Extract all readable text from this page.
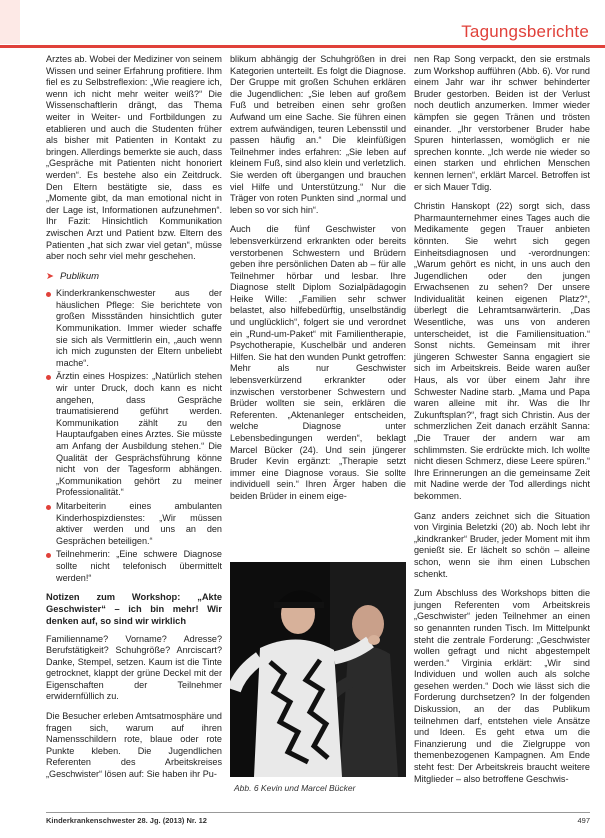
Tagungsberichte

Arztes ab. Wobei der Mediziner von seinem Wissen und seiner Erfahrung profitiere. Ihm fiel es zu Selbstreflexion: „Wie reagiere ich, wenn ich nicht mehr weiter weiß?“ Die Wissenschaftlerin drängt, das Thema weiter in Weiter- und Fortbildungen zu etablieren und auch die Studenten früher als bisher mit Patienten in Kontakt zu bringen. Allerdings bemerkte sie auch, dass „Gespräche mit Patienten nicht honoriert werden“. Es bestehe also ein Zeitdruck. Den Eltern bestätigte sie, dass es „Momente gibt, da man emotional nicht in der Lage ist, Informationen aufzunehmen“. Ihr Fazit: Hinsichtlich Kommunikation zwischen Arzt und Patient bzw. Eltern des Patienten „hat sich zwar viel getan“, müsse aber noch sehr viel mehr geschehen.

➤ Publikum
Kinderkrankenschwester aus der häuslichen Pflege: Sie berichtete von großen Missständen hinsichtlich guter Kommunikation. Immer wieder schaffe sie sich als Vermittlerin ein, „auch wenn ich mich zugunsten der Eltern unbeliebt mache“.
Ärztin eines Hospizes: „Natürlich stehen wir unter Druck, doch kann es nicht angehen, dass Gespräche traumatisierend geführt werden. Kommunikation zählt zu den Hauptaufgaben eines Arztes. Sie müsste am Anfang der Ausbildung stehen.“ Die Qualität der Gesprächsführung könne nicht von der Tagesform abhängen. „Kommunikation gehört zu meiner Professionalität.“
Mitarbeiterin eines ambulanten Kinderhospizdienstes: „Wir müssen aktiver werden und uns an den Gesprächen beteiligen.“
Teilnehmerin: „Eine schwere Diagnose sollte nicht telefonisch übermittelt werden!“
Notizen zum Workshop: „Akte Geschwister“ – ich bin mehr! Wir denken auf, so sind wir wirklich

Familienname? Vorname? Adresse? Berufstätigkeit? Schuhgröße? Anrciscart? Danke, Stempel, setzen. Kaum ist die Tinte getrocknet, klappt der grüne Deckel mit der Eigenschaften der Teilnehmer erwidernfüllich zu.

Die Besucher erleben Amtsatmosphäre und fragen sich, warum auf ihren Namensschildern rote, blaue oder rote Punkte kleben. Die Jugendlichen Referenten des Arbeitskreises „Geschwister“ lösen auf: Sie haben ihr Pu-

blikum abhängig der Schuhgrößen in drei Kategorien unterteilt. Es folgt die Diagnose. Der Gruppe mit großen Schuhen erklären die Jugendlichen: „Sie leben auf großem Fuß und betreiben einen sehr großen Aufwand um eine Sache. Sie führen einen extrem aufwändigen, teuren Lebensstil und passen häufig an.“ Die kleinfüßigen Teilnehmer indes erfahren: „Sie leben auf kleinem Fuß, sind also klein und verletzlich. Sie werden oft übergangen und brauchen viel Hilfe und Unterstützung.“ Nur die Träger von roten Punkten sind „normal und leben so vor sich hin“.

Auch die fünf Geschwister von lebensverkürzend erkrankten oder bereits verstorbenen Schwestern und Brüdern geben ihre persönlichen Daten ab – für alle Teilnehmer hörbar und lesbar. Ihre Diagnose stellt Diplom Sozialpädagogin Heike Wille: „Familien sehr schwer belastet, also hilfebedürftig, unselbständig und unglücklich“, folgert sie und verordnet ein „Rund-um-Paket“ mit Familientherapie, Psychotherapie, Kuschelbär und anderen Hilfen. Sie hat den wunden Punkt getroffen: Mehr als nur Geschwister lebensverkürzend erkrankter oder inzwischen verstorbener Schwestern und Brüder wollten sie sein, erklären die Referenten. „Aktenanleger entscheiden, welche Diagnose unter Lebensbedingungen werden“, beklagt Marcel Bücker (24). Und sein jüngerer Bruder Kevin ergänzt: „Therapie setzt immer eine Diagnose voraus. Sie sollte individuell sein.“ Ihren Ärger haben die beiden Brüder in einem eige-

Abb. 6 Kevin und Marcel Bücker

nen Rap Song verpackt, den sie erstmals zum Workshop aufführen (Abb. 6). Vor rund einem Jahr war ihr schwer behinderter Bruder gestorben. Beiden ist der Verlust noch deutlich anzumerken. Immer wieder kämpfen sie gegen Tränen und trösten einander. „Ihr verstorbener Bruder habe Spuren hinterlassen, womöglich er nie sprechen konnte. „Ich werde nie wieder so einen starken und ehrlichen Menschen kennen lernen“, erklärt Marcel. Betroffen ist er sich Mauer Tdig.

Christin Hanskopt (22) sorgt sich, dass Pharmaunternehmer eines Tages auch die Medikamente gegen Trauer anbieten könnten. Sie wehrt sich gegen Einheitsdiagnosen und -verordnungen: „Warum gehört es nicht, in uns auch den Jugendlichen oder den jungen Erwachsenen zu sehen? Der unsere Individualität keinen eigenen Platz?“, überlegt die Lehramtsanwärterin. „Das Wesentliche, was uns von anderen unterscheidet, ist die Familiensituation.“ Sonst nichts. Gemeinsam mit ihrer jüngeren Schwester Sanna engagiert sie sich im Arbeitskreis. Beide waren außer Haus, als vor über einem Jahr ihre Schwester Nadine starb. „Mama und Papa waren alleine mit ihr. Was die Ihr Zukunftsplan?“, fragt sich Christin. Aus der schmerzlichen Zeit danach erzählt Sanna: „Die Trauer der andern war am schlimmsten. Sie erdrückte mich. Ich wollte nicht diesen Schmerz, diese Leere spüren.“ Ihre Erinnerungen an die gemeinsame Zeit mit Nadine werde der Tod allerdings nicht bekommen.

Ganz anders zeichnet sich die Situation von Virginia Beletzki (20) ab. Noch lebt ihr „kindkranker“ Bruder, jeder Moment mit ihm genießt sie. Er lächelt so schön – alleine schon, wenn sie ihm einen Lubschen schenkt.

Zum Abschluss des Workshops bitten die jungen Referenten vom Arbeitskreis „Geschwister“ jeden Teilnehmer an einen so genannten runden Tisch. Im Mittelpunkt steht die zentrale Forderung: „Geschwister wollen gefragt und nicht abgestempelt werden.“ Virginia erklärt: „Wir sind Individuen und wollen auch als solche gesehen werden.“ Doch wie lässt sich die Forderung durchsetzen? In der folgenden Diskussion, an der das Publikum teilnehmen darf, entstehen viele Ansätze und Ideen. Es geht etwa um die Finanzierung und die Zielgruppe von themenbezogenen Kampagnen. Am Ende steht fest: Der Arbeitskreis braucht weitere Mitglieder – also betroffene Geschwis-

Kinderkrankenschwester 28. Jg. (2013) Nr. 12	497
